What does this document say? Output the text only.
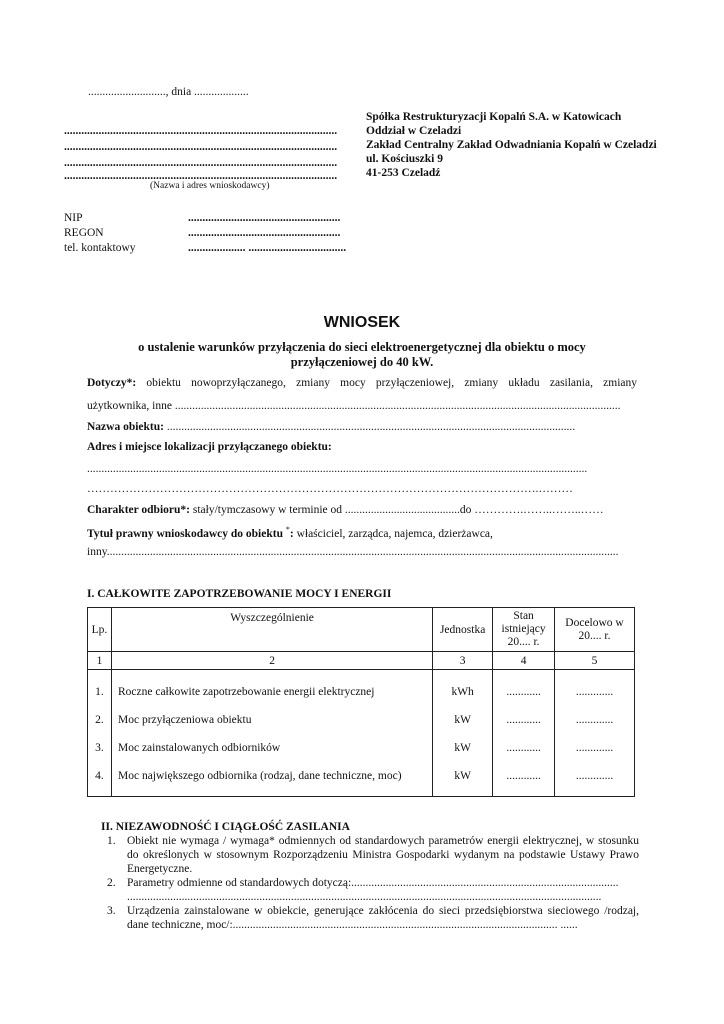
..........................., dnia ...................
...............................................................................................
...............................................................................................
...............................................................................................
...............................................................................................
(Nazwa i adres wnioskodawcy)
Spółka Restrukturyzacji Kopalń S.A. w Katowicach
Oddział w Czeladzi
Zakład Centralny Zakład Odwadniania Kopalń w Czeladzi
ul. Kościuszki 9
41-253 Czeladź
NIP	.....................................................
REGON	.....................................................
tel. kontaktowy	.................... ..................................
WNIOSEK
o ustalenie warunków przyłączenia do sieci elektroenergetycznej dla obiektu o mocy przyłączeniowej do 40 kW.
Dotyczy*: obiektu nowoprzyłączanego, zmiany mocy przyłączeniowej, zmiany układu zasilania, zmiany
użytkownika, inne ...........................................................................................................................................................
Nazwa obiektu: ..............................................................................................................................................
Adres i miejsce lokalizacji przyłączanego obiektu:
..............................................................................................................................................................................
……………………………………………………………………………………………………….………
Charakter odbioru*: stały/tymczasowy w terminie od ........................................do ………….……..……..……
Tytuł prawny wnioskodawcy do obiektu *: właściciel, zarządca, najemca, dzierżawca,
inny..................................................................................................................................................................................
I. CAŁKOWITE ZAPOTRZEBOWANIE MOCY I ENERGII
Lp.	Wyszczególnienie	Jednostka	Stan istniejący 20.... r.	Docelowo w 20.... r.
1	2	3	4	5
1.	Roczne całkowite zapotrzebowanie energii elektrycznej	kWh	............	.............
2.	Moc przyłączeniowa obiektu	kW	............	.............
3.	Moc zainstalowanych odbiorników	kW	............	.............
4.	Moc największego odbiornika (rodzaj, dane techniczne, moc)	kW	............	.............
II. NIEZAWODNOŚĆ I CIĄGŁOŚĆ ZASILANIA
1. Obiekt nie wymaga / wymaga* odmiennych od standardowych parametrów energii elektrycznej, w stosunku do określonych w stosownym Rozporządzeniu Ministra Gospodarki wydanym na podstawie Ustawy Prawo Energetyczne.
2. Parametry odmienne od standardowych dotyczą:.............................................................................................
.....................................................................................................................................................................
3. Urządzenia zainstalowane w obiekcie, generujące zakłócenia do sieci przedsiębiorstwa sieciowego /rodzaj, dane techniczne, moc/:................................................................................................................. ......
